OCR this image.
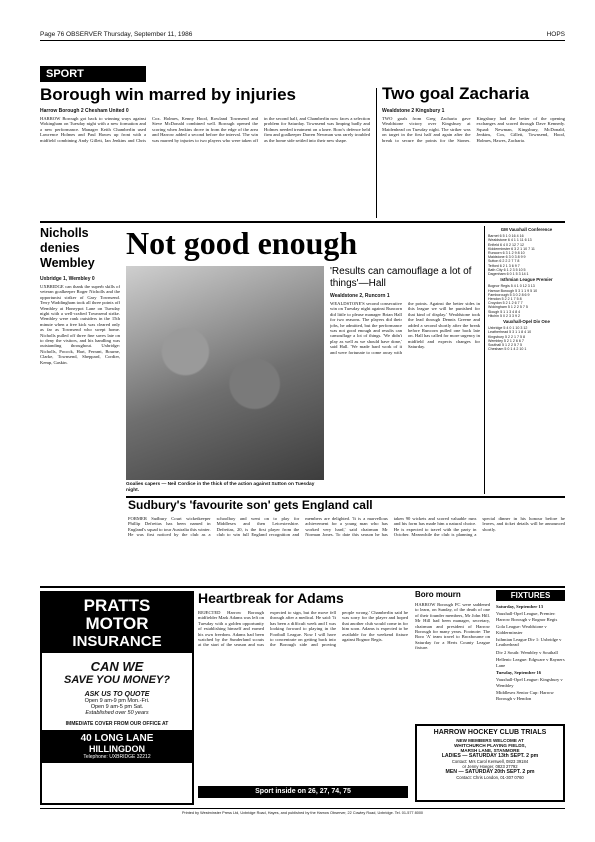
Page 76 OBSERVER Thursday, September 11, 1986	HOPS
SPORT
Borough win marred by injuries
Harrow Borough 2 Chesham United 0
HARROW Borough got back to winning ways against Wokingham on Tuesday night with a new formation and a new performance. Manager Keith Chamberlin used Lawrence Holmes and Paul Hawes up front with a midfield combining Andy Gillett, Ian Jenkins and Chris Cox. Holmes, Kenny Hood, Rowland Townsend and Steve McDonald combined well. Borough opened the scoring when Jenkins drove in from the edge of the area and Harrow added a second before the interval. The win was marred by injuries to two players who were taken off in the second half, and Chamberlin now faces a selection problem for Saturday. Townsend was limping badly and Holmes needed treatment on a knee. Boro's defence held firm and goalkeeper Darren Newman was rarely troubled as the home side settled into their new shape.
Two goal Zacharia
Wealdstone 2 Kingsbury 1
TWO goals from Greg Zacharia gave Wealdstone victory over Kingsbury at Maidenhead on Tuesday night. The striker was on target in the first half and again after the break to secure the points for the Stones. Kingsbury had the better of the opening exchanges and scored through Dave Kennedy. Squad: Newman, Kingsbury, McDonald, Jenkins, Cox, Gillett, Townsend, Hood, Holmes, Hawes, Zacharia.
Nicholls denies Wembley
Uxbridge 1, Wembley 0
UXBRIDGE can thank the superb skills of veteran goalkeeper Roger Nicholls and the opportunist striker of Gary Townsend. Terry Waddingham took all three points off Wembley at Honeypot Lane on Tuesday night with a well-crafted Townsend strike. Wembley were rank outsiders in the 15th minute when a free kick was cleared only as far as Townsend who swept home. Nicholls pulled off three fine saves late on to deny the visitors, and his handling was outstanding throughout. Uxbridge: Nicholls, Pocock, Hart, Ferrant, Bourne, Clarke, Townsend, Sheppard, Cordier, Kemp, Gaskin.
Not good enough
Goalies capers — Neil Cordice in the thick of the action against Sutton on Tuesday night.
'Results can camouflage a lot of things'—Hall
Wealdstone 2, Runcorn 1
WEALDSTONE'S second consecutive win on Tuesday night against Runcorn did little to please manager Brian Hall for two reasons. The players did their jobs, he admitted, but the performance was not good enough and results can camouflage a lot of things. 'We didn't play as well as we should have done,' said Hall. 'We made hard work of it and were fortunate to come away with the points. Against the better sides in this league we will be punished for that kind of display.' Wealdstone took the lead through Dennis Greene and added a second shortly after the break before Runcorn pulled one back late on. Hall has called for more urgency in midfield and expects changes for Saturday.
GM Vauxhall Conference
Barnet 6 5 1 0 16 4 16
Wealdstone 6 4 1 1 11 6 13
Enfield 6 4 0 2 12 7 12
Kidderminster 6 3 2 1 10 7 11
Runcorn 6 3 1 2 9 8 10
Maidstone 6 3 0 3 8 9 9
Sutton 6 2 2 2 7 7 8
Telford 6 2 1 3 6 9 7
Bath City 6 1 2 3 5 10 5
Dagenham 6 0 1 5 3 14 1
Isthmian League Premier
Bognor Regis 5 4 1 0 12 3 13
Harrow Borough 5 3 1 1 9 5 10
Farnborough 5 3 0 2 8 6 9
Hendon 5 2 2 1 7 5 8
Croydon 5 2 1 2 6 7 7
Wokingham 5 1 2 2 5 7 5
Slough 5 1 1 3 4 8 4
Hitchin 5 0 2 3 3 9 2
Vauxhall-Opel Div One
Uxbridge 5 4 0 1 10 3 12
Leatherhead 5 3 1 1 8 4 10
Kingsbury 5 2 2 1 7 5 8
Wembley 5 2 1 2 6 6 7
Southall 5 1 2 2 5 7 5
Chesham 5 0 1 4 2 10 1
Sudbury's 'favourite son' gets England call
FORMER Sudbury Court wicketkeeper Phillip Defreitas has been named in England's squad to tour Australia this winter. He was first noticed by the club as a schoolboy and went on to play for Middlesex and then Leicestershire. Defreitas, 20, is the first player from the club to win full England recognition and members are delighted. 'It is a marvellous achievement for a young man who has worked very hard,' said chairman Mr Norman Jones. To date this season he has taken 90 wickets and scored valuable runs and his form has made him a natural choice. He is expected to travel with the party in October. Meanwhile the club is planning a special dinner in his honour before he leaves, and ticket details will be announced shortly.
PRATTS
MOTOR
INSURANCE
CAN WE
SAVE YOU MONEY?
ASK US TO QUOTE
Open 9 am-9 pm Mon.-Fri.
Open 9 am-5 pm Sat.
Established over 50 years
IMMEDIATE COVER FROM OUR OFFICE AT
40 LONG LANE
HILLINGDON
Telephone: UXBRIDGE 32212
Heartbreak for Adams
REJECTED Harrow Borough midfielder Mark Adams was left on Tuesday with a golden opportunity of establishing himself and earned his own freedom. Adams had been watched by the Sunderland scouts at the start of the season and was expected to sign, but the move fell through after a medical. He said: 'It has been a difficult week and I was looking forward to playing in the Football League. Now I will have to concentrate on getting back into the Borough side and proving people wrong.' Chamberlin said he was sorry for the player and hoped that another club would come in for him soon. Adams is expected to be available for the weekend fixture against Bognor Regis.
Sport inside on 26, 27, 74, 75
Boro mourn
HARROW Borough FC were saddened to learn, on Sunday, of the death of one of their founder members, Mr John Hill. Mr Hill had been manager, secretary, chairman and president of Harrow Borough for many years. Footnote: The Boro 'A' team travel to Broxbourne on Saturday for a Herts County League fixture.
FIXTURES
Saturday, September 13
Vauxhall-Opel League, Premier: Harrow Borough v Bognor Regis
Gola League: Wealdstone v Kidderminster
Isthmian League Div 1: Uxbridge v Leatherhead
Div 2 South: Wembley v Southall
Hellenic League: Edgware v Rayners Lane
Tuesday, September 16
Vauxhall-Opel League: Kingsbury v Wembley
Middlesex Senior Cup: Harrow Borough v Hendon
HARROW HOCKEY CLUB TRIALS
NEW MEMBERS WELCOME AT
WHITCHURCH PLAYING FIELDS,
MARSH LANE, STANMORE
LADIES — SATURDAY 13th SEPT. 2 pm
Contact: Mrs Carol Kerswell, 0823 39184
or Jenny Hoeger, 0823 27792
MEN — SATURDAY 20th SEPT. 2 pm
Contact: Chris London, 01-307 0760
Printed by Westminster Press Ltd, Uxbridge Road, Hayes, and published by the Harrow Observer, 22 Cowley Road, Uxbridge. Tel. 01-577 8000
